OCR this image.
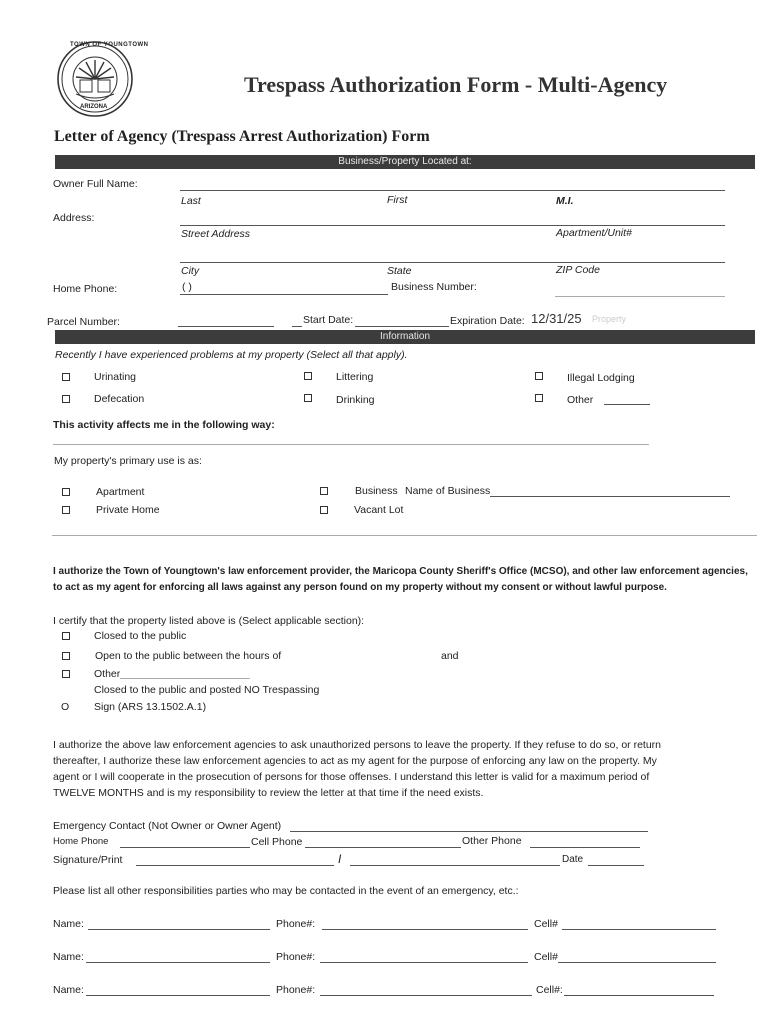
TOWN OF YOUNGTOWN
ARIZONA
Trespass Authorization Form - Multi-Agency
Letter of Agency (Trespass Arrest Authorization) Form
Business/Property Located at:
Owner Full Name:
Last	First	M.I.
Address:
Street Address	Apartment/Unit#
City	State	ZIP Code
Home Phone:	( )	Business Number:
Parcel Number:	Start Date:	Expiration Date: 12/31/25 Property
Information
Recently I have experienced problems at my property (Select all that apply).
Urinating	Littering	Illegal Lodging
Defecation	Drinking	Other
This activity affects me in the following way:
My property's primary use is as:
Apartment	Business Name of Business
Private Home	Vacant Lot
I authorize the Town of Youngtown's law enforcement provider, the Maricopa County Sheriff's Office (MCSO), and other law enforcement agencies, to act as my agent for enforcing all laws against any person found on my property without my consent or without lawful purpose.
I certify that the property listed above is (Select applicable section):
Closed to the public
Open to the public between the hours of	and
Other
Closed to the public and posted NO Trespassing
O Sign (ARS 13.1502.A.1)
I authorize the above law enforcement agencies to ask unauthorized persons to leave the property. If they refuse to do so, or return
thereafter, I authorize these law enforcement agencies to act as my agent for the purpose of enforcing any law on the property. My
agent or I will cooperate in the prosecution of persons for those offenses. I understand this letter is valid for a maximum period of
TWELVE MONTHS and is my responsibility to review the letter at that time if the need exists.
Emergency Contact (Not Owner or Owner Agent)
Home Phone	Cell Phone	Other Phone
Signature/Print	I	Date
Please list all other responsibilities parties who may be contacted in the event of an emergency, etc.:
Name:	Phone#:	Cell#
Name:	Phone#:	Cell#
Name:	Phone#:	Cell#:
